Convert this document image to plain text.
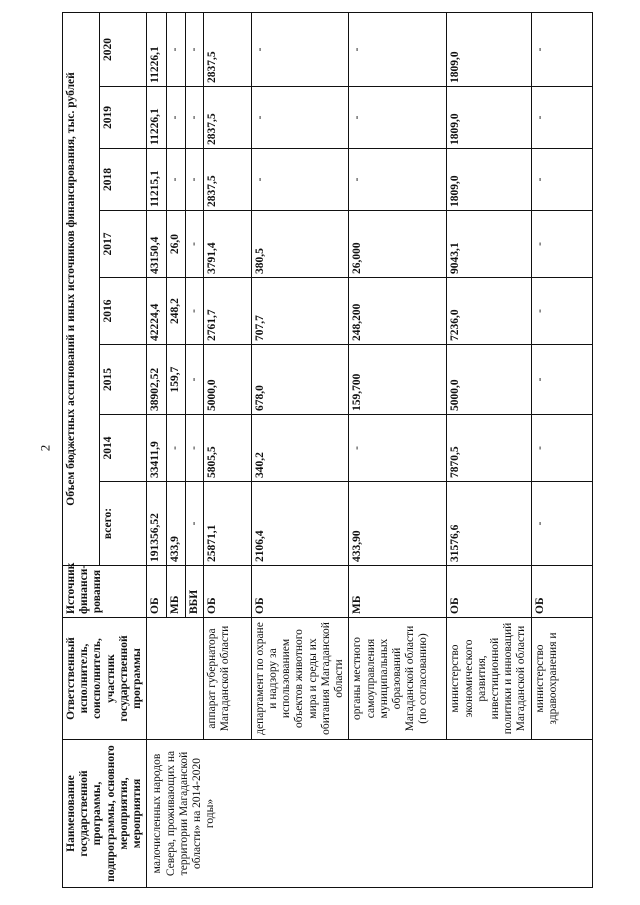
2
Наименование государственной программы, подпрограммы, основного мероприятия, мероприятия	Ответственный исполнитель, соисполнитель, участник государственной программы	Источник финанси-рования	Объем бюджетных ассигнований и иных источников финансирования, тыс. рублей							
			всего:	2014	2015	2016	2017	2018	2019	2020
малочисленных народов Севера, проживающих на территории Магаданской области» на 2014-2020 годы»		ОБ	191356,52	33411,9	38902,52	42224,4	43150,4	11215,1	11226,1	11226,1
		МБ	433,9	-	159,7	248,2	26,0	-	-	-
		ВБИ	-	-	-	-	-	-	-	-
	аппарат губернатора Магаданской области	ОБ	25871,1	5805,5	5000,0	2761,7	3791,4	2837,5	2837,5	2837,5
	департамент по охране и надзору за использованием объектов животного мира и среды их обитания Магаданской области	ОБ	2106,4	340,2	678,0	707,7	380,5	-	-	-
	органы местного самоуправления муниципальных образований Магаданской области (по согласованию)	МБ	433,90	-	159,700	248,200	26,000	-	-	-
	министерство экономического развития, инвестиционной политики и инноваций Магаданской области	ОБ	31576,6	7870,5	5000,0	7236,0	9043,1	1809,0	1809,0	1809,0
	министерство здравоохранения и	ОБ	-	-	-	-	-	-	-	-
